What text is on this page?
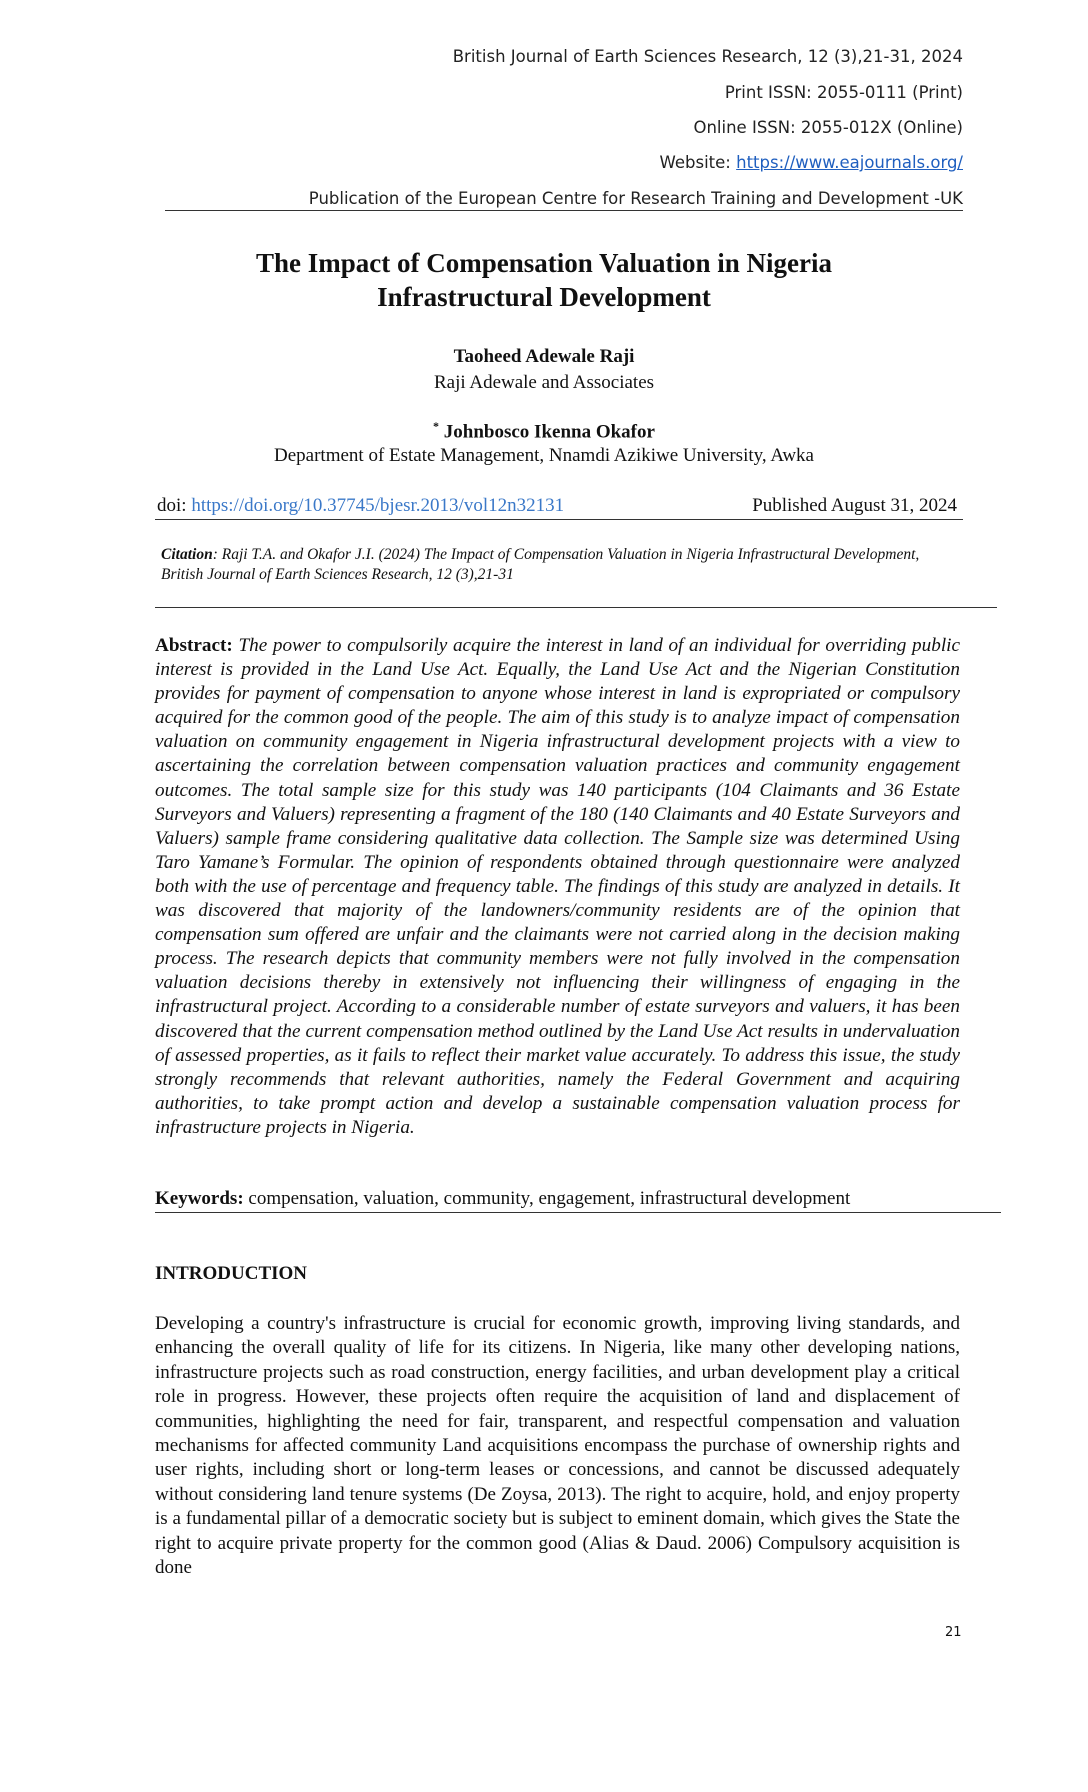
British Journal of Earth Sciences Research, 12 (3),21-31, 2024
Print ISSN: 2055-0111 (Print)
Online ISSN: 2055-012X (Online)
Website: https://www.eajournals.org/
Publication of the European Centre for Research Training and Development -UK
The Impact of Compensation Valuation in Nigeria
Infrastructural Development
Taoheed Adewale Raji
Raji Adewale and Associates
* Johnbosco Ikenna Okafor
Department of Estate Management, Nnamdi Azikiwe University, Awka
doi: https://doi.org/10.37745/bjesr.2013/vol12n32131	Published August 31, 2024
Citation: Raji T.A. and Okafor J.I. (2024) The Impact of Compensation Valuation in Nigeria Infrastructural Development, British Journal of Earth Sciences Research, 12 (3),21-31
Abstract: The power to compulsorily acquire the interest in land of an individual for overriding public interest is provided in the Land Use Act. Equally, the Land Use Act and the Nigerian Constitution provides for payment of compensation to anyone whose interest in land is expropriated or compulsory acquired for the common good of the people. The aim of this study is to analyze impact of compensation valuation on community engagement in Nigeria infrastructural development projects with a view to ascertaining the correlation between compensation valuation practices and community engagement outcomes. The total sample size for this study was 140 participants (104 Claimants and 36 Estate Surveyors and Valuers) representing a fragment of the 180 (140 Claimants and 40 Estate Surveyors and Valuers) sample frame considering qualitative data collection. The Sample size was determined Using Taro Yamane’s Formular. The opinion of respondents obtained through questionnaire were analyzed both with the use of percentage and frequency table. The findings of this study are analyzed in details. It was discovered that majority of the landowners/community residents are of the opinion that compensation sum offered are unfair and the claimants were not carried along in the decision making process. The research depicts that community members were not fully involved in the compensation valuation decisions thereby in extensively not influencing their willingness of engaging in the infrastructural project. According to a considerable number of estate surveyors and valuers, it has been discovered that the current compensation method outlined by the Land Use Act results in undervaluation of assessed properties, as it fails to reflect their market value accurately. To address this issue, the study strongly recommends that relevant authorities, namely the Federal Government and acquiring authorities, to take prompt action and develop a sustainable compensation valuation process for infrastructure projects in Nigeria.
Keywords: compensation, valuation, community, engagement, infrastructural development
INTRODUCTION
Developing a country's infrastructure is crucial for economic growth, improving living standards, and enhancing the overall quality of life for its citizens. In Nigeria, like many other developing nations, infrastructure projects such as road construction, energy facilities, and urban development play a critical role in progress. However, these projects often require the acquisition of land and displacement of communities, highlighting the need for fair, transparent, and respectful compensation and valuation mechanisms for affected community Land acquisitions encompass the purchase of ownership rights and user rights, including short or long-term leases or concessions, and cannot be discussed adequately without considering land tenure systems (De Zoysa, 2013). The right to acquire, hold, and enjoy property is a fundamental pillar of a democratic society but is subject to eminent domain, which gives the State the right to acquire private property for the common good (Alias & Daud. 2006) Compulsory acquisition is done
21
